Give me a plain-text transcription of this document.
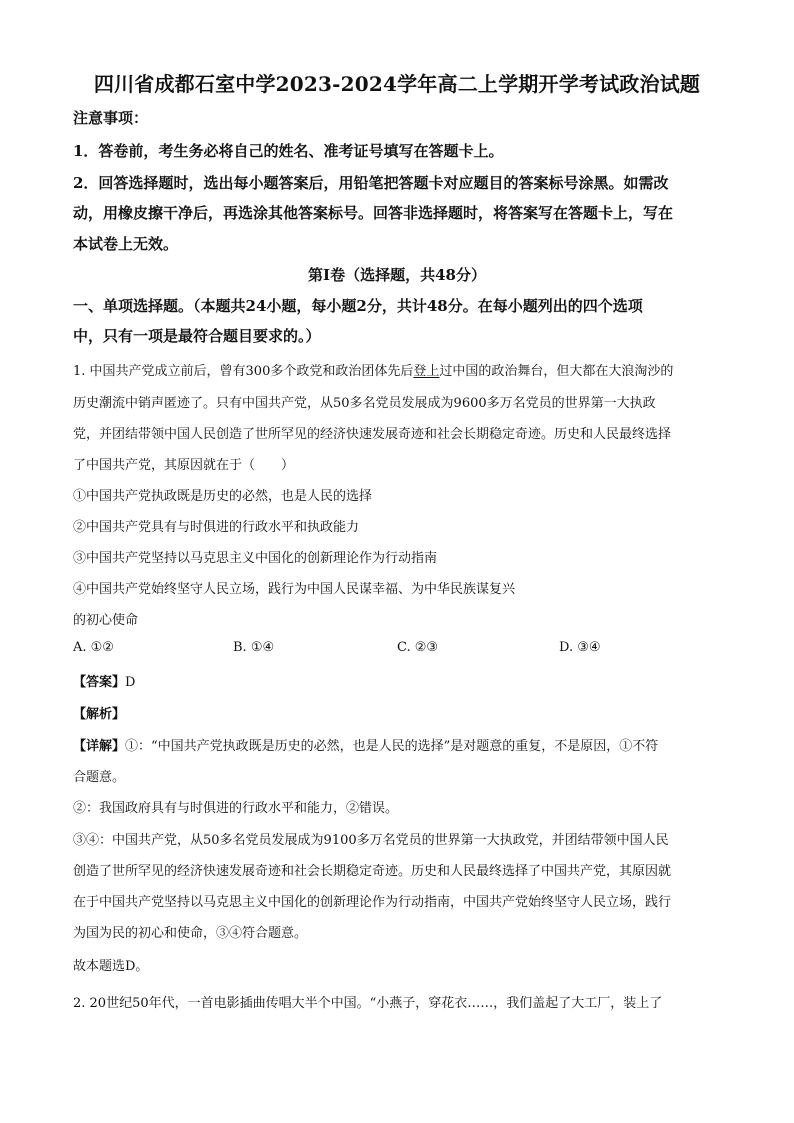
四川省成都石室中学2023-2024学年高二上学期开学考试政治试题
注意事项：
1．答卷前，考生务必将自己的姓名、准考证号填写在答题卡上。
2．回答选择题时，选出每小题答案后，用铅笔把答题卡对应题目的答案标号涂黑。如需改
动，用橡皮擦干净后，再选涂其他答案标号。回答非选择题时，将答案写在答题卡上，写在
本试卷上无效。
第I卷（选择题，共48分）
一、单项选择题。（本题共24小题，每小题2分，共计48分。在每小题列出的四个选项
中，只有一项是最符合题目要求的。）
1. 中国共产党成立前后，曾有300多个政党和政治团体先后登上过中国的政治舞台，但大都在大浪淘沙的
历史潮流中销声匿迹了。只有中国共产党，从50多名党员发展成为9600多万名党员的世界第一大执政
党，并团结带领中国人民创造了世所罕见的经济快速发展奇迹和社会长期稳定奇迹。历史和人民最终选择
了中国共产党，其原因就在于（　　）
①中国共产党执政既是历史的必然，也是人民的选择
②中国共产党具有与时俱进的行政水平和执政能力
③中国共产党坚持以马克思主义中国化的创新理论作为行动指南
④中国共产党始终坚守人民立场，践行为中国人民谋幸福、为中华民族谋复兴
的初心使命
A. ①②	B. ①④	C. ②③	D. ③④
【答案】D
【解析】
【详解】①：“中国共产党执政既是历史的必然，也是人民的选择”是对题意的重复，不是原因，①不符
合题意。
②：我国政府具有与时俱进的行政水平和能力，②错误。
③④：中国共产党，从50多名党员发展成为9100多万名党员的世界第一大执政党，并团结带领中国人民
创造了世所罕见的经济快速发展奇迹和社会长期稳定奇迹。历史和人民最终选择了中国共产党，其原因就
在于中国共产党坚持以马克思主义中国化的创新理论作为行动指南，中国共产党始终坚守人民立场，践行
为国为民的初心和使命，③④符合题意。
故本题选D。
2. 20世纪50年代，一首电影插曲传唱大半个中国。“小燕子，穿花衣……，我们盖起了大工厂，装上了
